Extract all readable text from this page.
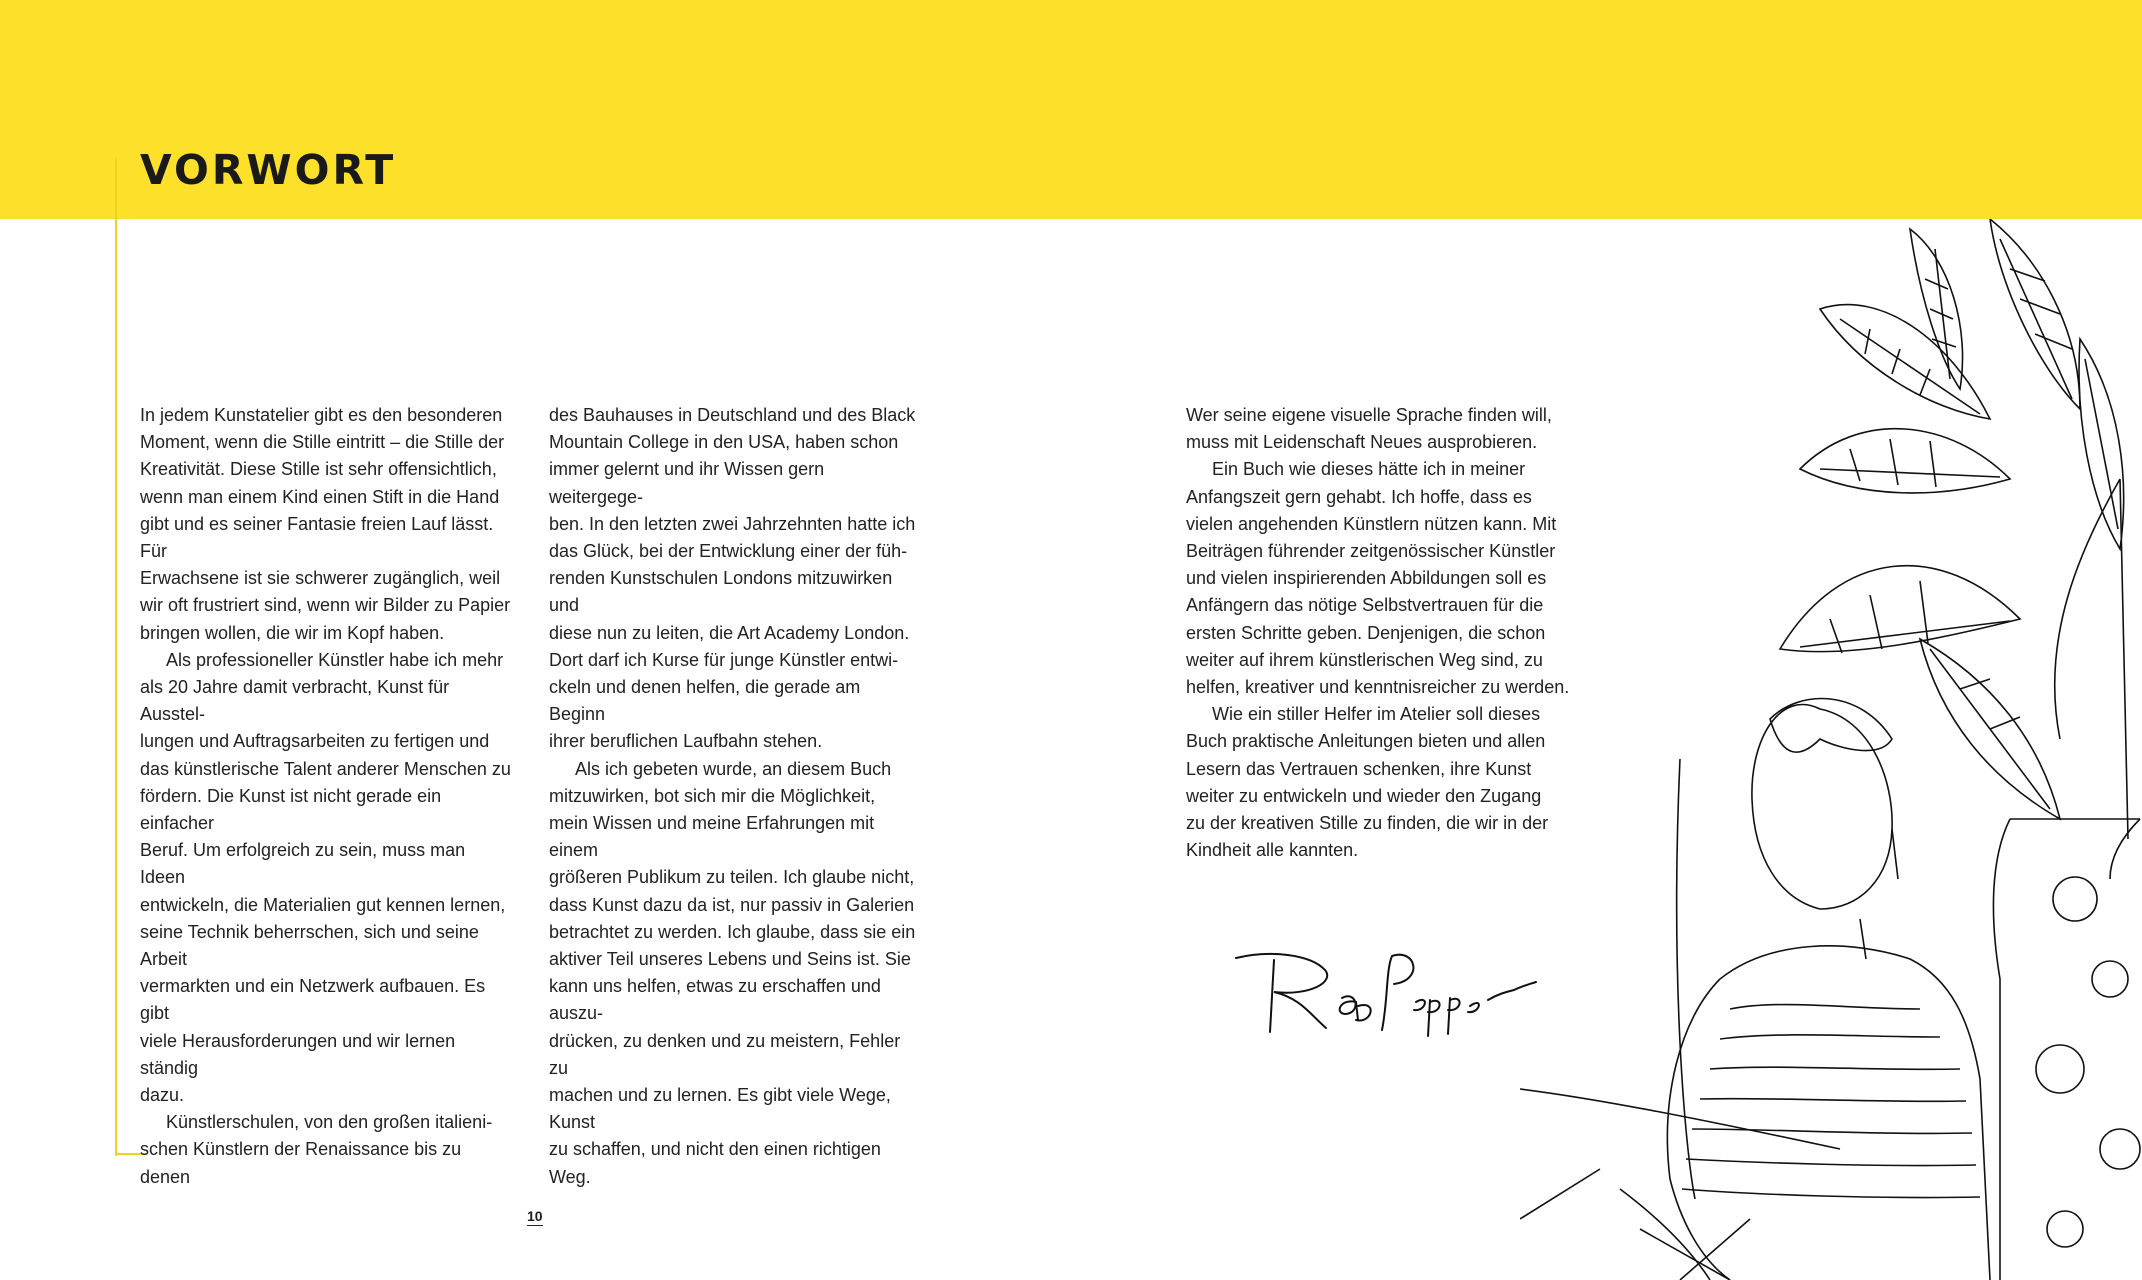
VORWORT

In jedem Kunstatelier gibt es den besonderen
Moment, wenn die Stille eintritt – die Stille der
Kreativität. Diese Stille ist sehr offensichtlich,
wenn man einem Kind einen Stift in die Hand
gibt und es seiner Fantasie freien Lauf lässt. Für
Erwachsene ist sie schwerer zugänglich, weil
wir oft frustriert sind, wenn wir Bilder zu Papier
bringen wollen, die wir im Kopf haben.

Als professioneller Künstler habe ich mehr
als 20 Jahre damit verbracht, Kunst für Ausstel-
lungen und Auftragsarbeiten zu fertigen und
das künstlerische Talent anderer Menschen zu
fördern. Die Kunst ist nicht gerade ein einfacher
Beruf. Um erfolgreich zu sein, muss man Ideen
entwickeln, die Materialien gut kennen lernen,
seine Technik beherrschen, sich und seine Arbeit
vermarkten und ein Netzwerk aufbauen. Es gibt
viele Herausforderungen und wir lernen ständig
dazu.

Künstlerschulen, von den großen italieni-
schen Künstlern der Renaissance bis zu denen

des Bauhauses in Deutschland und des Black
Mountain College in den USA, haben schon
immer gelernt und ihr Wissen gern weitergege-
ben. In den letzten zwei Jahrzehnten hatte ich
das Glück, bei der Entwicklung einer der füh-
renden Kunstschulen Londons mitzuwirken und
diese nun zu leiten, die Art Academy London.
Dort darf ich Kurse für junge Künstler entwi-
ckeln und denen helfen, die gerade am Beginn
ihrer beruflichen Laufbahn stehen.

Als ich gebeten wurde, an diesem Buch
mitzuwirken, bot sich mir die Möglichkeit,
mein Wissen und meine Erfahrungen mit einem
größeren Publikum zu teilen. Ich glaube nicht,
dass Kunst dazu da ist, nur passiv in Galerien
betrachtet zu werden. Ich glaube, dass sie ein
aktiver Teil unseres Lebens und Seins ist. Sie
kann uns helfen, etwas zu erschaffen und auszu-
drücken, zu denken und zu meistern, Fehler zu
machen und zu lernen. Es gibt viele Wege, Kunst
zu schaffen, und nicht den einen richtigen Weg.

Wer seine eigene visuelle Sprache finden will,
muss mit Leidenschaft Neues ausprobieren.

Ein Buch wie dieses hätte ich in meiner
Anfangszeit gern gehabt. Ich hoffe, dass es
vielen angehenden Künstlern nützen kann. Mit
Beiträgen führender zeitgenössischer Künstler
und vielen inspirierenden Abbildungen soll es
Anfängern das nötige Selbstvertrauen für die
ersten Schritte geben. Denjenigen, die schon
weiter auf ihrem künstlerischen Weg sind, zu
helfen, kreativer und kenntnisreicher zu werden.

Wie ein stiller Helfer im Atelier soll dieses
Buch praktische Anleitungen bieten und allen
Lesern das Vertrauen schenken, ihre Kunst
weiter zu entwickeln und wieder den Zugang
zu der kreativen Stille zu finden, die wir in der
Kindheit alle kannten.

10
